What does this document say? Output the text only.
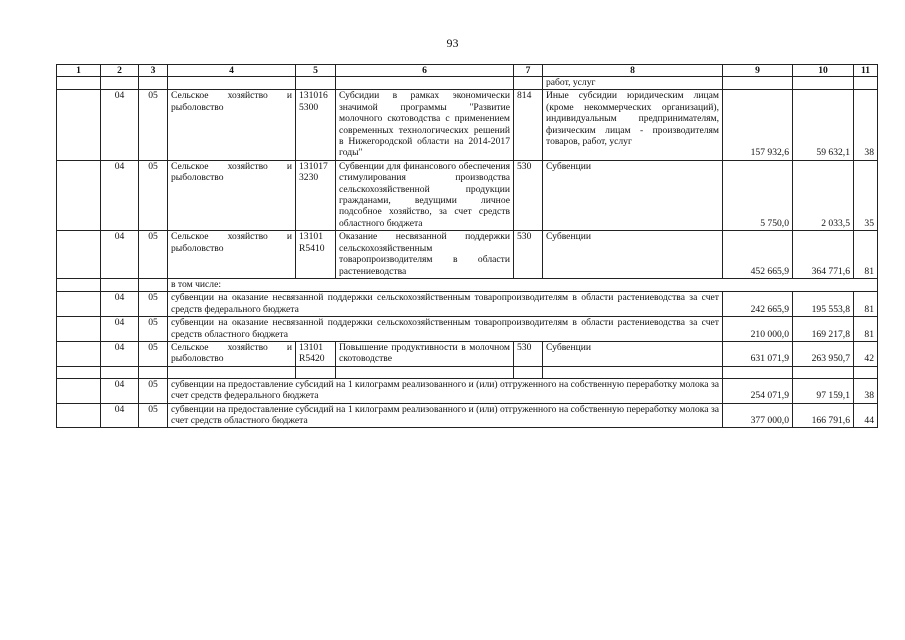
93
1	2	3	4	5	6	7	8	9	10	11
							работ, услуг			
	04	05	Сельское хозяйство и рыболовство	131016 5300	Субсидии в рамках экономически значимой программы "Развитие молочного скотоводства с применением современных технологических решений в Нижегородской области на 2014-2017 годы"	814	Иные субсидии юридическим лицам (кроме некоммерческих организаций), индивидуальным предпринимателям, физическим лицам - производителям товаров, работ, услуг	157 932,6	59 632,1	38
	04	05	Сельское хозяйство и рыболовство	131017 3230	Субвенции для финансового обеспечения стимулирования производства сельскохозяйственной продукции гражданами, ведущими личное подсобное хозяйство, за счет средств областного бюджета	530	Субвенции	5 750,0	2 033,5	35
	04	05	Сельское хозяйство и рыболовство	13101 R5410	Оказание несвязанной поддержки сельскохозяйственным товаропроизводителям в области растениеводства	530	Субвенции	452 665,9	364 771,6	81
			в том числе:							
	04	05	субвенции на оказание несвязанной поддержки сельскохозяйственным товаропроизводителям в области растениеводства за счет средств федерального бюджета					242 665,9	195 553,8	81
	04	05	субвенции на оказание несвязанной поддержки сельскохозяйственным товаропроизводителям в области растениеводства за счет средств областного бюджета					210 000,0	169 217,8	81
	04	05	Сельское хозяйство и рыболовство	13101 R5420	Повышение продуктивности в молочном скотоводстве	530	Субвенции	631 071,9	263 950,7	42

	04	05	субвенции на предоставление субсидий на 1 килограмм реализованного и (или) отгруженного на собственную переработку молока за счет средств федерального бюджета					254 071,9	97 159,1	38
	04	05	субвенции на предоставление субсидий на 1 килограмм реализованного и (или) отгруженного на собственную переработку молока за счет средств областного бюджета					377 000,0	166 791,6	44
